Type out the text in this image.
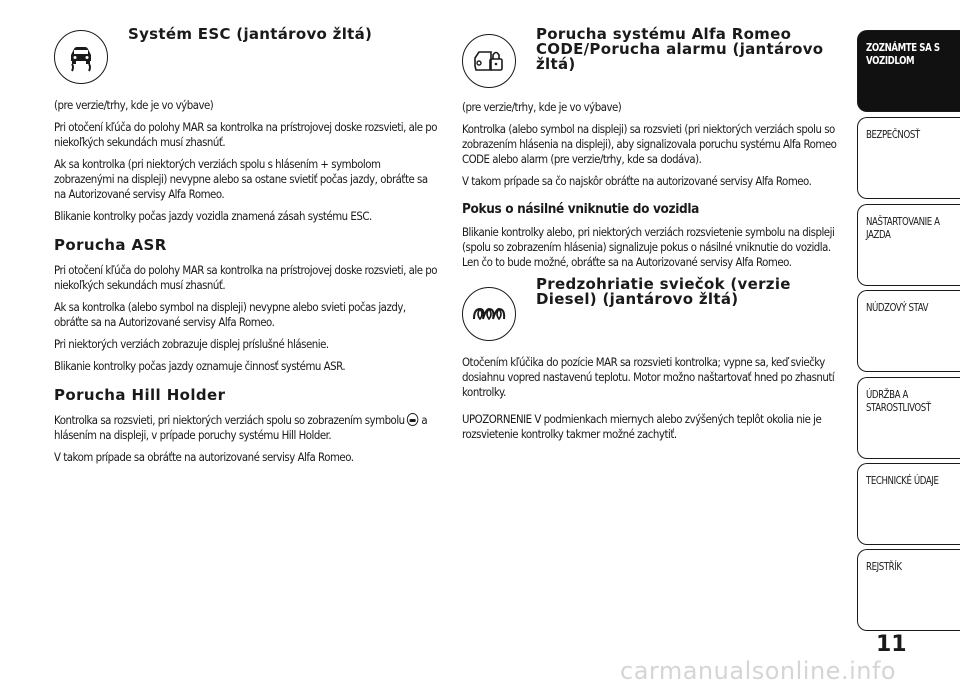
Systém ESC (jantárovo žltá)

(pre verzie/trhy, kde je vo výbave)

Pri otočení kľúča do polohy MAR sa kontrolka na prístrojovej doske rozsvieti, ale po niekoľkých sekundách musí zhasnúť.

Ak sa kontrolka (pri niektorých verziách spolu s hlásením + symbolom zobrazenými na displeji) nevypne alebo sa ostane svietiť počas jazdy, obráťte sa na Autorizované servisy Alfa Romeo.

Blikanie kontrolky počas jazdy vozidla znamená zásah systému ESC.

Porucha ASR

Pri otočení kľúča do polohy MAR sa kontrolka na prístrojovej doske rozsvieti, ale po niekoľkých sekundách musí zhasnúť.

Ak sa kontrolka (alebo symbol na displeji) nevypne alebo svieti počas jazdy, obráťte sa na Autorizované servisy Alfa Romeo.

Pri niektorých verziách zobrazuje displej príslušné hlásenie.

Blikanie kontrolky počas jazdy oznamuje činnosť systému ASR.

Porucha Hill Holder

Kontrolka sa rozsvieti, pri niektorých verziách spolu so zobrazením symbolu a hlásením na displeji, v prípade poruchy systému Hill Holder.

V takom prípade sa obráťte na autorizované servisy Alfa Romeo.

Porucha systému Alfa Romeo CODE/Porucha alarmu (jantárovo žltá)

(pre verzie/trhy, kde je vo výbave)

Kontrolka (alebo symbol na displeji) sa rozsvieti (pri niektorých verziách spolu so zobrazením hlásenia na displeji), aby signalizovala poruchu systému Alfa Romeo CODE alebo alarm (pre verzie/trhy, kde sa dodáva).

V takom prípade sa čo najskôr obráťte na autorizované servisy Alfa Romeo.

Pokus o násilné vniknutie do vozidla

Blikanie kontrolky alebo, pri niektorých verziách rozsvietenie symbolu na displeji (spolu so zobrazením hlásenia) signalizuje pokus o násilné vniknutie do vozidla. Len čo to bude možné, obráťte sa na Autorizované servisy Alfa Romeo.

Predzohriatie sviečok (verzie Diesel) (jantárovo žltá)

Otočením kľúčika do pozície MAR sa rozsvieti kontrolka; vypne sa, keď sviečky dosiahnu vopred nastavenú teplotu. Motor možno naštartovať hned po zhasnutí kontrolky.

UPOZORNENIE V podmienkach miernych alebo zvýšených teplôt okolia nie je rozsvietenie kontrolky takmer možné zachytiť.

ZOZNÁMTE SA S VOZIDLOM
BEZPEČNOSŤ
NAŠTARTOVANIE A JAZDA
NÚDZOVÝ STAV
ÚDRŽBA A STAROSTLIVOSŤ
TECHNICKÉ ÚDAJE
REJSTŘÍK
11
carmanualsonline.info
